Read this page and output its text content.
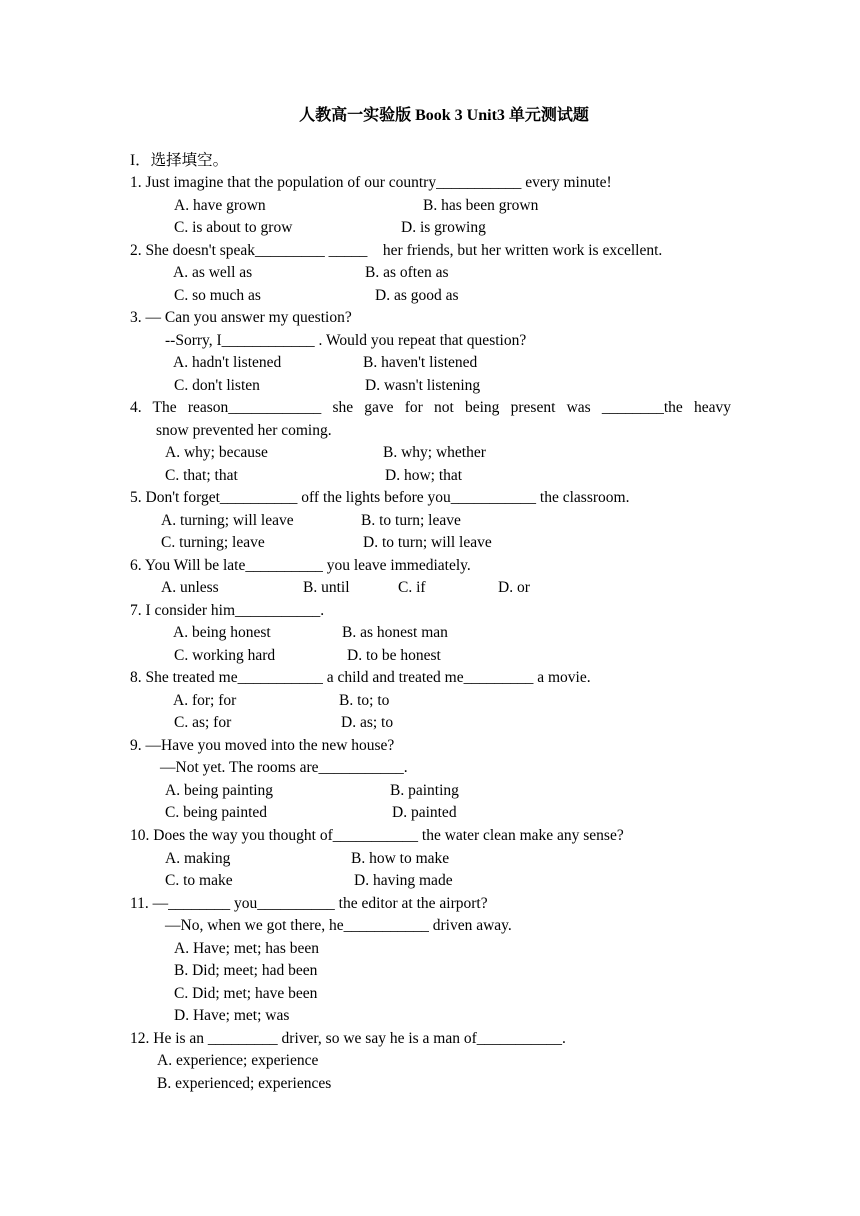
人教高一实验版 Book 3 Unit3 单元测试题
I．选择填空。
1. Just imagine that the population of our country___________ every minute!
A. have grown	B. has been grown
C. is about to grow	D. is growing
2. She doesn't speak_________ _____    her friends, but her written work is excellent.
A. as well as	B. as often as
C. so much as	D. as good as
3. — Can you answer my question?
--Sorry, I____________ . Would you repeat that question?
A. hadn't listened	B. haven't listened
C. don't listen	D. wasn't listening
4. The reason____________ she gave for not being present was ________the heavy
snow prevented her coming.
A. why; because	B. why; whether
C. that; that	D. how; that
5. Don't forget__________ off the lights before you___________ the classroom.
A. turning; will leave	B. to turn; leave
C. turning; leave	D. to turn; will leave
6. You Will be late__________ you leave immediately.
A. unless	B. until	C. if	D. or
7. I consider him___________.
A. being honest	B. as honest man
C. working hard	D. to be honest
8. She treated me___________ a child and treated me_________ a movie.
A. for; for	B. to; to
C. as; for	D. as; to
9. —Have you moved into the new house?
—Not yet. The rooms are___________.
A. being painting	B. painting
C. being painted	D. painted
10. Does the way you thought of___________ the water clean make any sense?
A. making	B. how to make
C. to make	D. having made
11. —________ you__________ the editor at the airport?
—No, when we got there, he___________ driven away.
A. Have; met; has been
B. Did; meet; had been
C. Did; met; have been
D. Have; met; was
12. He is an _________ driver, so we say he is a man of___________.
A. experience; experience
B. experienced; experiences
